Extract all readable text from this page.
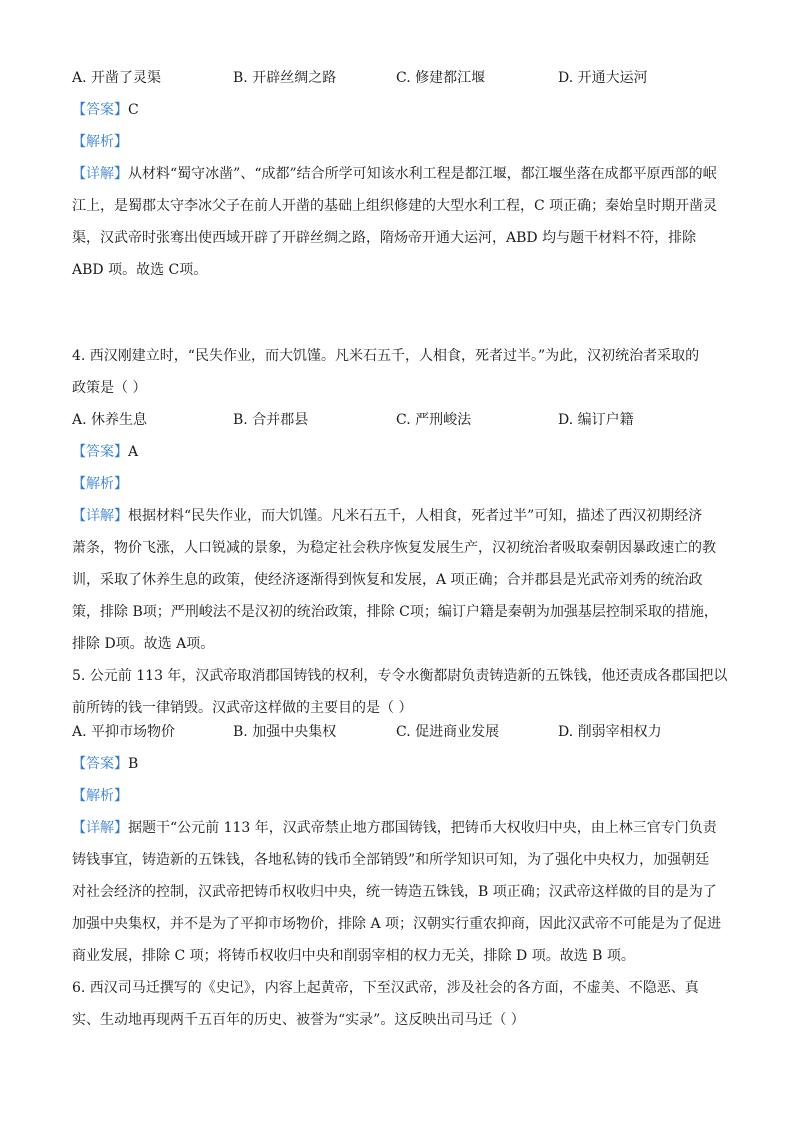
A. 开凿了灵渠	B. 开辟丝绸之路	C. 修建都江堰	D. 开通大运河
【答案】C
【解析】
【详解】从材料“蜀守冰凿”、“成都”结合所学可知该水利工程是都江堰，都江堰坐落在成都平原西部的岷
江上，是蜀郡太守李冰父子在前人开凿的基础上组织修建的大型水利工程，C 项正确；秦始皇时期开凿灵
渠，汉武帝时张骞出使西域开辟了开辟丝绸之路，隋炀帝开通大运河，ABD 均与题干材料不符，排除
ABD 项。故选 C项。
4. 西汉刚建立时，“民失作业，而大饥馑。凡米石五千，人相食，死者过半。”为此，汉初统治者采取的
政策是（ ）
A. 休养生息	B. 合并郡县	C. 严刑峻法	D. 编订户籍
【答案】A
【解析】
【详解】根据材料“民失作业，而大饥馑。凡米石五千，人相食，死者过半”可知，描述了西汉初期经济
萧条，物价飞涨，人口锐减的景象，为稳定社会秩序恢复发展生产，汉初统治者吸取秦朝因暴政速亡的教
训，采取了休养生息的政策，使经济逐渐得到恢复和发展，A 项正确；合并郡县是光武帝刘秀的统治政
策，排除 B项；严刑峻法不是汉初的统治政策，排除 C项；编订户籍是秦朝为加强基层控制采取的措施，
排除 D项。故选 A项。
5. 公元前 113 年，汉武帝取消郡国铸钱的权利，专令水衡都尉负责铸造新的五铢钱，他还责成各郡国把以
前所铸的钱一律销毁。汉武帝这样做的主要目的是（ ）
A. 平抑市场物价	B. 加强中央集权	C. 促进商业发展	D. 削弱宰相权力
【答案】B
【解析】
【详解】据题干“公元前 113 年，汉武帝禁止地方郡国铸钱，把铸币大权收归中央，由上林三官专门负责
铸钱事宜，铸造新的五铢钱，各地私铸的钱币全部销毁”和所学知识可知，为了强化中央权力，加强朝廷
对社会经济的控制，汉武帝把铸币权收归中央，统一铸造五铢钱，B 项正确；汉武帝这样做的目的是为了
加强中央集权，并不是为了平抑市场物价，排除 A 项；汉朝实行重农抑商，因此汉武帝不可能是为了促进
商业发展，排除 C 项；将铸币权收归中央和削弱宰相的权力无关，排除 D 项。故选 B 项。
6. 西汉司马迁撰写的《史记》，内容上起黄帝，下至汉武帝，涉及社会的各方面，不虚美、不隐恶、真
实、生动地再现两千五百年的历史、被誉为“实录”。这反映出司马迁（ ）
